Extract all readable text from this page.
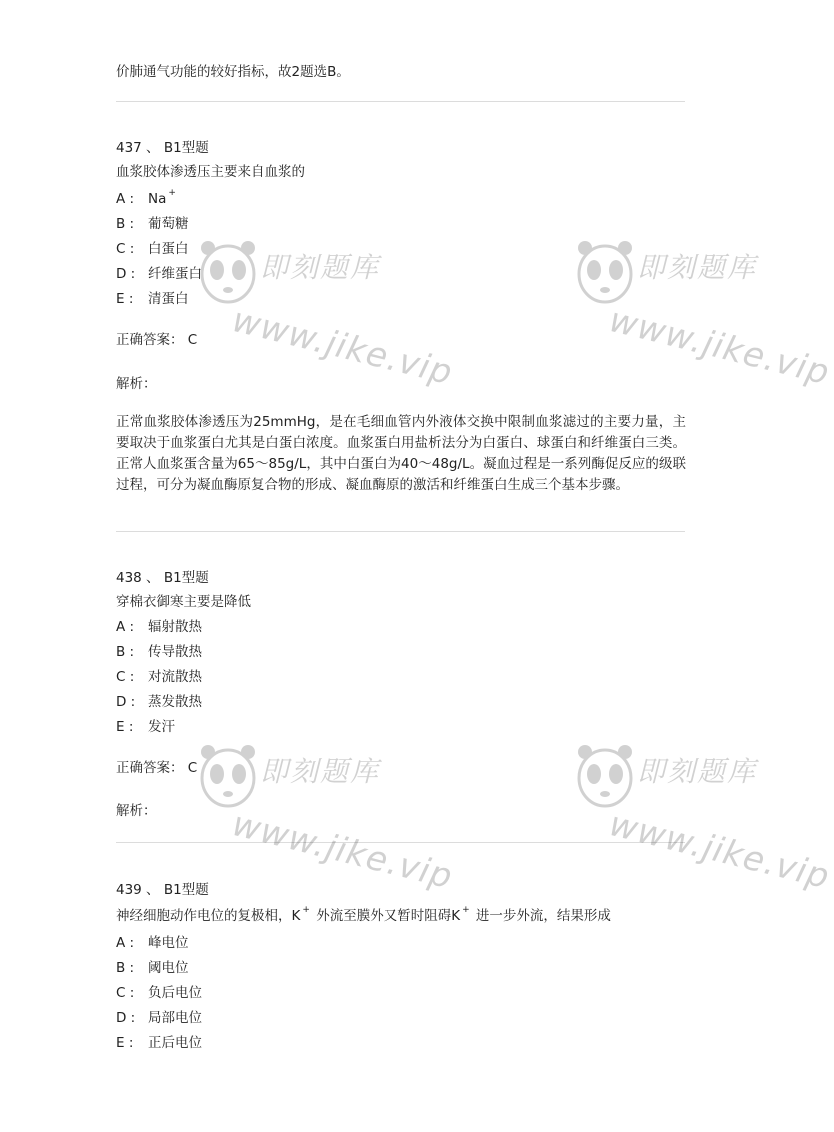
价肺通气功能的较好指标，故2题选B。
437 、 B1型题
血浆胶体渗透压主要来自血浆的
A : Na +
B : 葡萄糖
C : 白蛋白
D : 纤维蛋白
E : 清蛋白
正确答案： C
解析：
正常血浆胶体渗透压为25mmHg，是在毛细血管内外液体交换中限制血浆滤过的主要力量，主要取决于血浆蛋白尤其是白蛋白浓度。血浆蛋白用盐析法分为白蛋白、球蛋白和纤维蛋白三类。正常人血浆蛋含量为65～85g/L，其中白蛋白为40～48g/L。凝血过程是一系列酶促反应的级联过程，可分为凝血酶原复合物的形成、凝血酶原的激活和纤维蛋白生成三个基本步骤。
438 、 B1型题
穿棉衣御寒主要是降低
A : 辐射散热
B : 传导散热
C : 对流散热
D : 蒸发散热
E : 发汗
正确答案： C
解析：
439 、 B1型题
神经细胞动作电位的复极相，K + 外流至膜外又暂时阻碍K + 进一步外流，结果形成
A : 峰电位
B : 阈电位
C : 负后电位
D : 局部电位
E : 正后电位
即刻题库
www.jike.vip
即刻题库
www.jike.vip
即刻题库
www.jike.vip
即刻题库
www.jike.vip
